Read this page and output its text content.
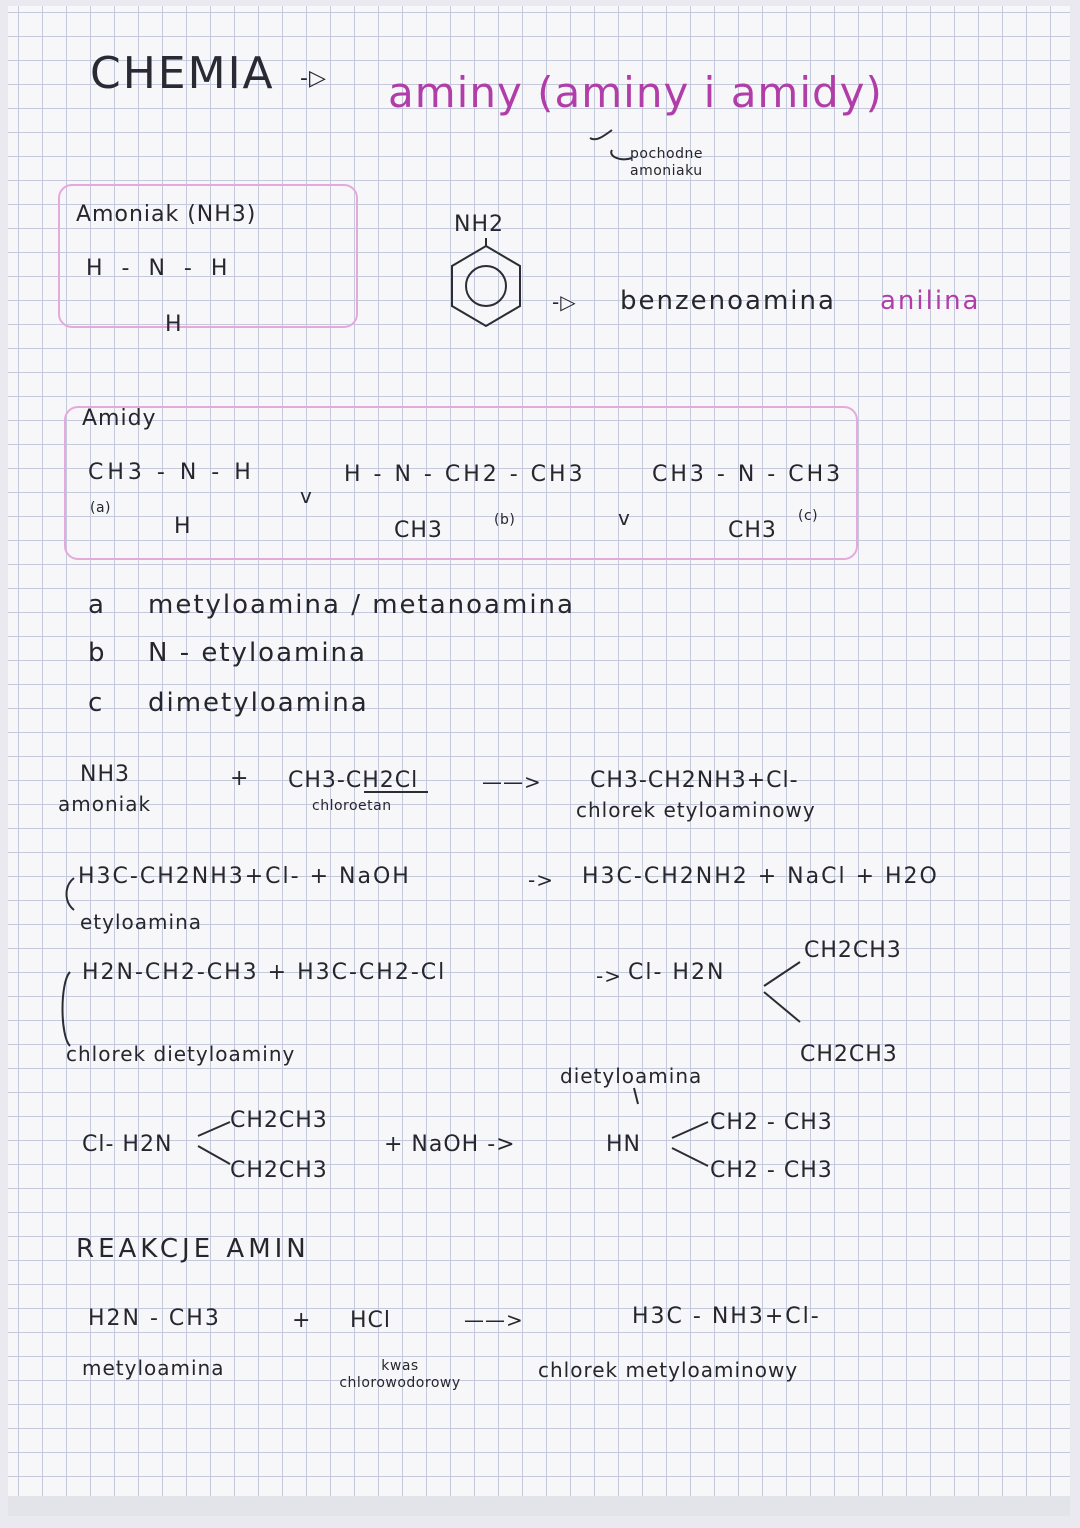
CHEMIA -▷ aminy (aminy i amidy)
pochodne amoniaku
Amoniak (NH3)
H - N - H
H
NH2
-▷ benzenoamina anilina
Amidy
CH3 - N - H
(a)
H
v
H - N - CH2 - CH3
CH3	(b)	v
CH3 - N - CH3
CH3
(c)
a metyloamina / metanoamina
b N - etyloamina
c dimetyloamina
NH3
amoniak
+ CH3-CH2Cl
chloroetan
——> CH3-CH2NH3+Cl-
chlorek etyloaminowy
H3C-CH2NH3+Cl- + NaOH	-> H3C-CH2NH2 + NaCl + H2O
etyloamina
H2N-CH2-CH3 + H3C-CH2-Cl	-> Cl- H2N
CH2CH3
CH2CH3
chlorek dietyloaminy
Cl- H2N
CH2CH3
CH2CH3
+ NaOH ->
dietyloamina
HN
CH2 - CH3
CH2 - CH3
REAKCJE AMIN
H2N - CH3
metyloamina
+ HCl
kwas chlorowodorowy
——>	H3C - NH3+Cl-
chlorek metyloaminowy
